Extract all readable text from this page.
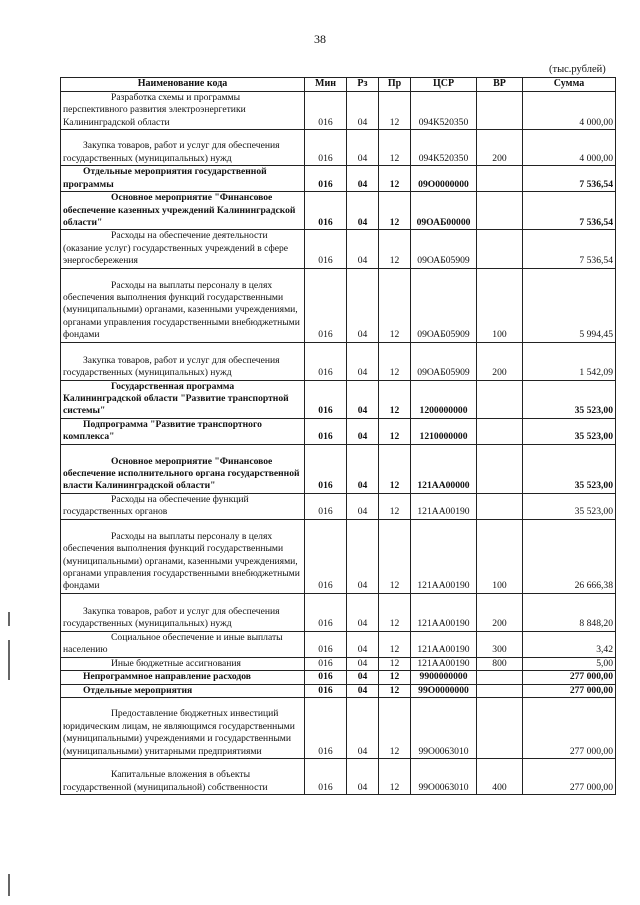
38
(тыс.рублей)
Наименование кода	Мин	Рз	Пр	ЦСР	ВР	Сумма

Разработка схемы и программы перспективного развития электроэнергетики Калининградской области	016	04	12	094К520350		4 000,00

Закупка товаров, работ и услуг для обеспечения государственных (муниципальных) нужд	016	04	12	094К520350	200	4 000,00

Отдельные мероприятия государственной программы	016	04	12	09О0000000		7 536,54

Основное мероприятие "Финансовое обеспечение казенных учреждений Калининградской области"	016	04	12	09ОАБ00000		7 536,54

Расходы на обеспечение деятельности (оказание услуг) государственных учреждений в сфере энергосбережения	016	04	12	09ОАБ05909		7 536,54

Расходы на выплаты персоналу в целях обеспечения выполнения функций государственными (муниципальными) органами, казенными учреждениями, органами управления государственными внебюджетными фондами	016	04	12	09ОАБ05909	100	5 994,45

Закупка товаров, работ и услуг для обеспечения государственных (муниципальных) нужд	016	04	12	09ОАБ05909	200	1 542,09

Государственная программа Калининградской области "Развитие транспортной системы"	016	04	12	1200000000		35 523,00

Подпрограмма "Развитие транспортного комплекса"	016	04	12	1210000000		35 523,00

Основное мероприятие "Финансовое обеспечение исполнительного органа государственной власти Калининградской области"	016	04	12	121АА00000		35 523,00

Расходы на обеспечение функций государственных органов	016	04	12	121АА00190		35 523,00

Расходы на выплаты персоналу в целях обеспечения выполнения функций государственными (муниципальными) органами, казенными учреждениями, органами управления государственными внебюджетными фондами	016	04	12	121АА00190	100	26 666,38

Закупка товаров, работ и услуг для обеспечения государственных (муниципальных) нужд	016	04	12	121АА00190	200	8 848,20

Социальное обеспечение и иные выплаты населению	016	04	12	121АА00190	300	3,42

Иные бюджетные ассигнования	016	04	12	121АА00190	800	5,00

Непрограммное направление расходов	016	04	12	9900000000		277 000,00

Отдельные мероприятия	016	04	12	99О0000000		277 000,00

Предоставление бюджетных инвестиций юридическим лицам, не являющимся государственными (муниципальными) учреждениями и государственными (муниципальными) унитарными предприятиями	016	04	12	99О0063010		277 000,00

Капитальные вложения в объекты государственной (муниципальной) собственности	016	04	12	99О0063010	400	277 000,00
